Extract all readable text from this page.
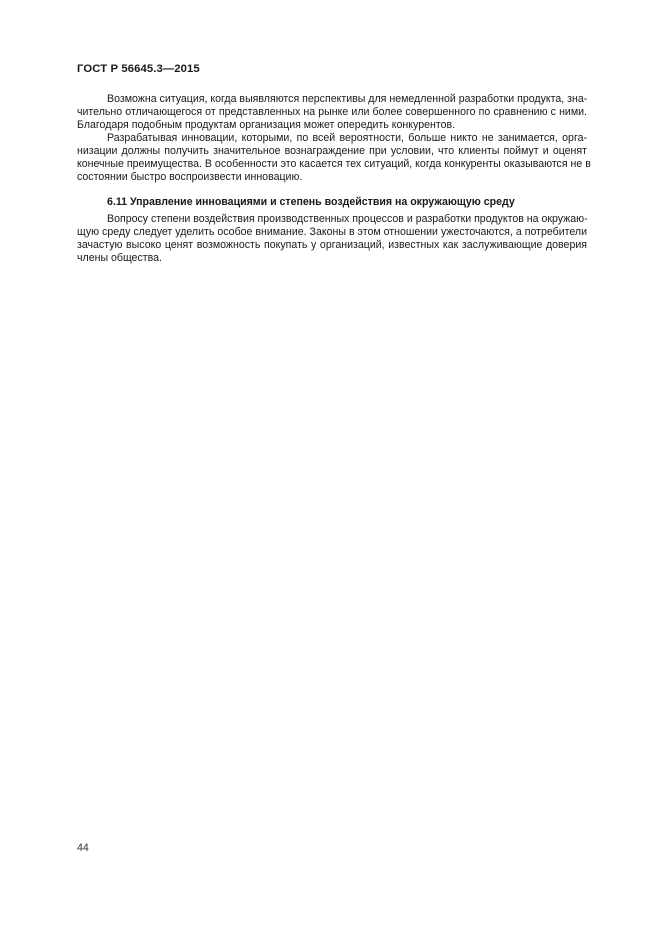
ГОСТ Р 56645.3—2015
Возможна ситуация, когда выявляются перспективы для немедленной разработки продукта, зна-
чительно отличающегося от представленных на рынке или более совершенного по сравнению с ними.
Благодаря подобным продуктам организация может опередить конкурентов.
Разрабатывая инновации, которыми, по всей вероятности, больше никто не занимается, орга-
низации должны получить значительное вознаграждение при условии, что клиенты поймут и оценят
конечные преимущества. В особенности это касается тех ситуаций, когда конкуренты оказываются не в
состоянии быстро воспроизвести инновацию.
6.11 Управление инновациями и степень воздействия на окружающую среду
Вопросу степени воздействия производственных процессов и разработки продуктов на окружаю-
щую среду следует уделить особое внимание. Законы в этом отношении ужесточаются, а потребители
зачастую высоко ценят возможность покупать у организаций, известных как заслуживающие доверия
члены общества.
44
